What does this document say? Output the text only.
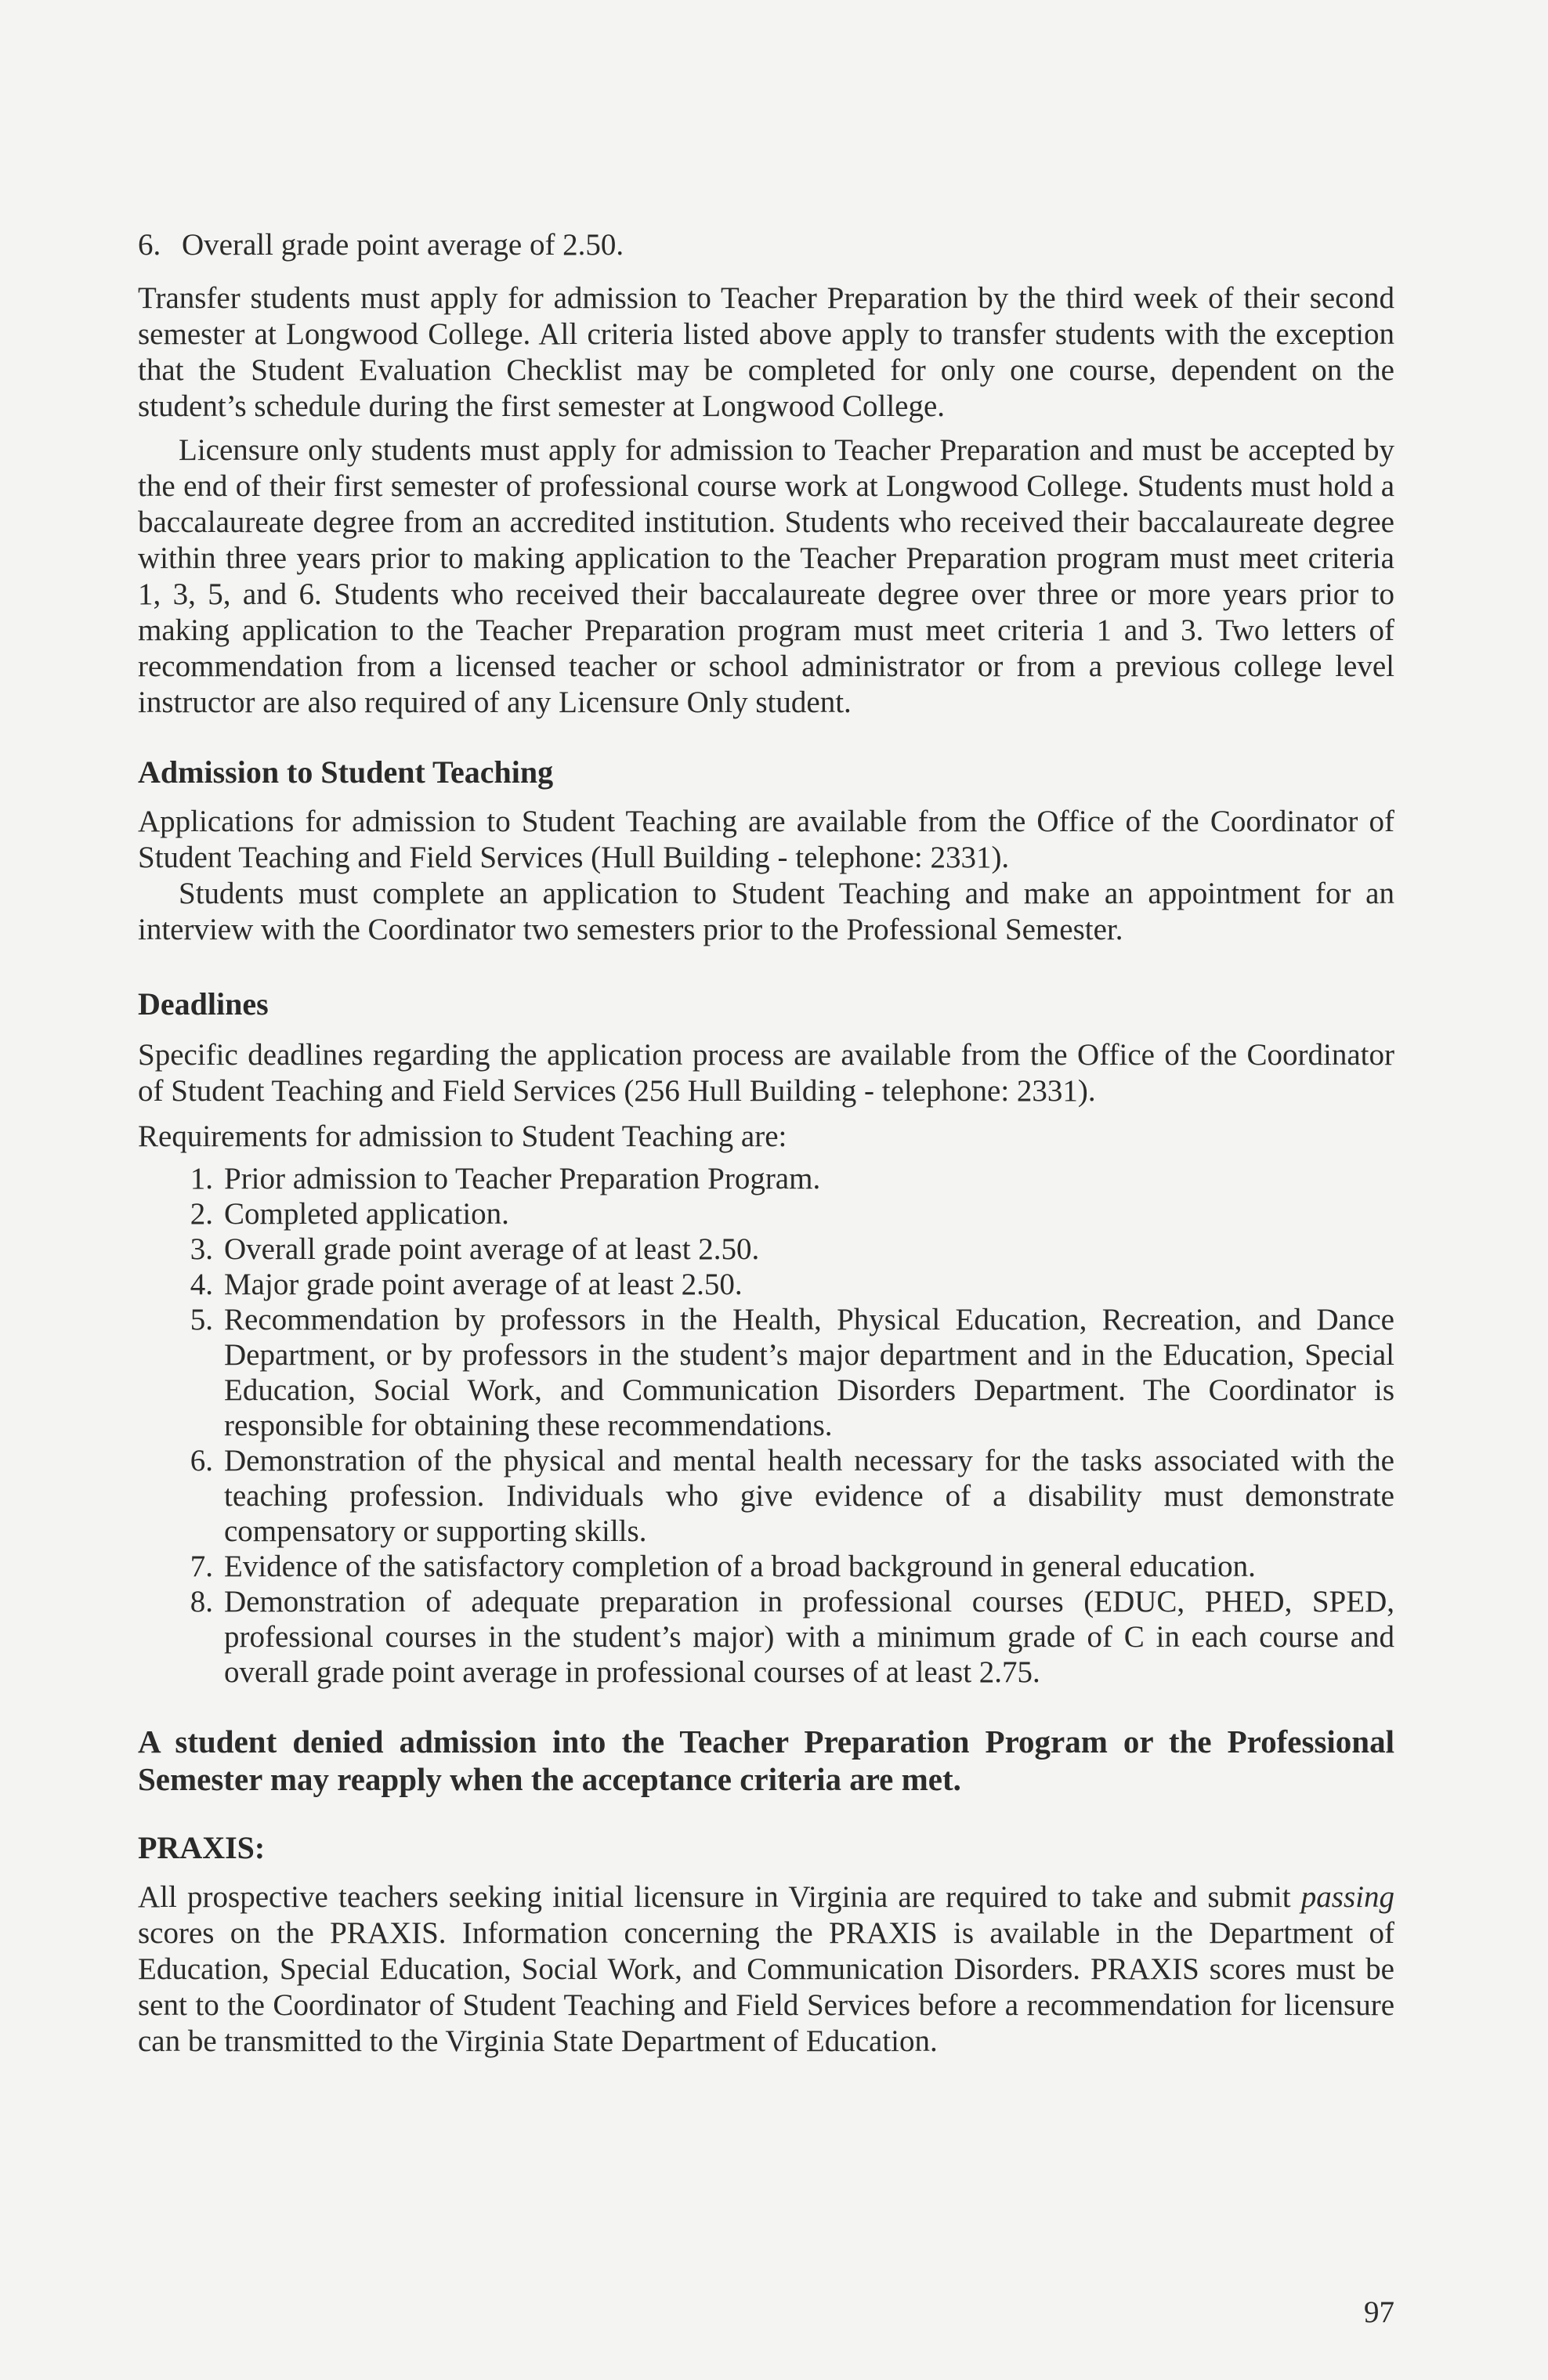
6. Overall grade point average of 2.50.

Transfer students must apply for admission to Teacher Preparation by the third week of their second semester at Longwood College. All criteria listed above apply to transfer students with the exception that the Student Evaluation Checklist may be completed for only one course, dependent on the student’s schedule during the first semester at Longwood College.

Licensure only students must apply for admission to Teacher Preparation and must be accepted by the end of their first semester of professional course work at Longwood College. Students must hold a baccalaureate degree from an accredited institution. Students who received their baccalaureate degree within three years prior to making application to the Teacher Preparation program must meet criteria 1, 3, 5, and 6. Students who received their baccalaureate degree over three or more years prior to making application to the Teacher Preparation program must meet criteria 1 and 3. Two letters of recommendation from a licensed teacher or school administrator or from a previous college level instructor are also required of any Licensure Only student.

Admission to Student Teaching

Applications for admission to Student Teaching are available from the Office of the Coordinator of Student Teaching and Field Services (Hull Building - telephone: 2331).

Students must complete an application to Student Teaching and make an appointment for an interview with the Coordinator two semesters prior to the Professional Semester.

Deadlines

Specific deadlines regarding the application process are available from the Office of the Coordinator of Student Teaching and Field Services (256 Hull Building - telephone: 2331).

Requirements for admission to Student Teaching are:

1. Prior admission to Teacher Preparation Program.
2. Completed application.
3. Overall grade point average of at least 2.50.
4. Major grade point average of at least 2.50.
5. Recommendation by professors in the Health, Physical Education, Recreation, and Dance Department, or by professors in the student’s major department and in the Education, Special Education, Social Work, and Communication Disorders Department. The Coordinator is responsible for obtaining these recommendations.
6. Demonstration of the physical and mental health necessary for the tasks associated with the teaching profession. Individuals who give evidence of a disability must demonstrate compensatory or supporting skills.
7. Evidence of the satisfactory completion of a broad background in general education.
8. Demonstration of adequate preparation in professional courses (EDUC, PHED, SPED, professional courses in the student’s major) with a minimum grade of C in each course and overall grade point average in professional courses of at least 2.75.

A student denied admission into the Teacher Preparation Program or the Professional Semester may reapply when the acceptance criteria are met.

PRAXIS:

All prospective teachers seeking initial licensure in Virginia are required to take and submit passing scores on the PRAXIS. Information concerning the PRAXIS is available in the Department of Education, Special Education, Social Work, and Communication Disorders. PRAXIS scores must be sent to the Coordinator of Student Teaching and Field Services before a recommendation for licensure can be transmitted to the Virginia State Department of Education.

97
